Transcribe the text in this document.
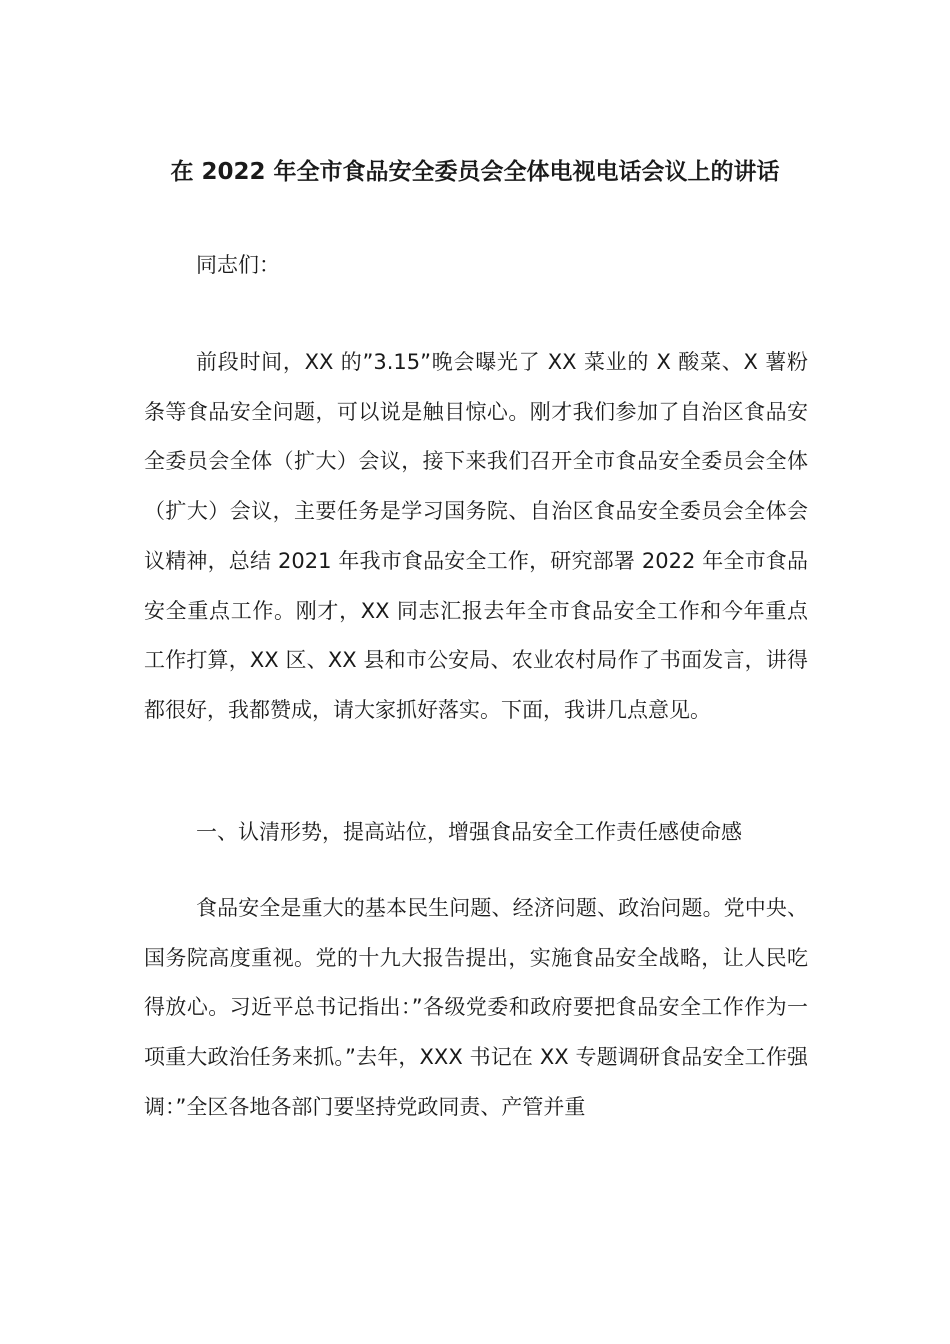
在 2022 年全市食品安全委员会全体电视电话会议上的讲话

同志们：

前段时间，XX 的”3.15”晚会曝光了 XX 菜业的 X 酸菜、X 薯粉条等食品安全问题，可以说是触目惊心。刚才我们参加了自治区食品安全委员会全体（扩大）会议，接下来我们召开全市食品安全委员会全体（扩大）会议，主要任务是学习国务院、自治区食品安全委员会全体会议精神，总结 2021 年我市食品安全工作，研究部署 2022 年全市食品安全重点工作。刚才，XX 同志汇报去年全市食品安全工作和今年重点工作打算，XX 区、XX 县和市公安局、农业农村局作了书面发言，讲得都很好，我都赞成，请大家抓好落实。下面，我讲几点意见。

一、认清形势，提高站位，增强食品安全工作责任感使命感

食品安全是重大的基本民生问题、经济问题、政治问题。党中央、国务院高度重视。党的十九大报告提出，实施食品安全战略，让人民吃得放心。习近平总书记指出：”各级党委和政府要把食品安全工作作为一项重大政治任务来抓。”去年，XXX 书记在 XX 专题调研食品安全工作强调：”全区各地各部门要坚持党政同责、产管并重
